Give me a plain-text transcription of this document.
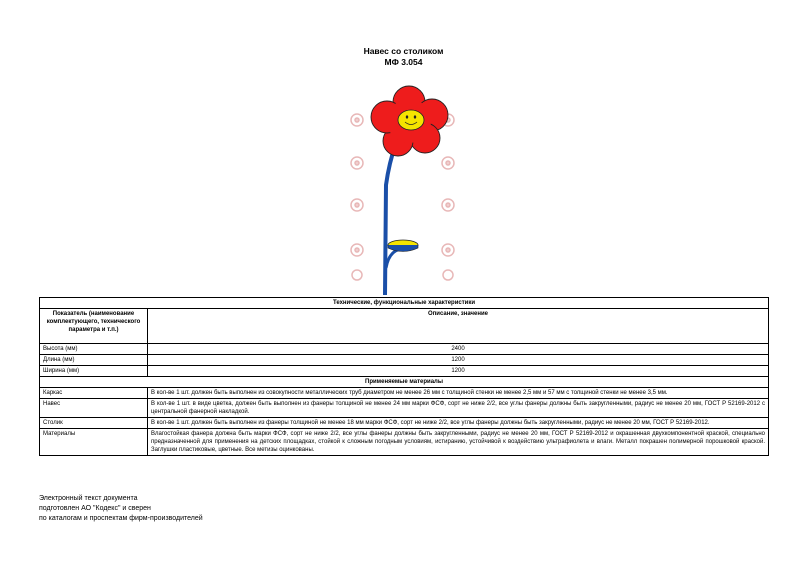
Навес со столиком
МФ 3.054
Технические, функциональные характеристики	
Показатель (наименование комплектующего, технического параметра и т.п.)	Описание, значение
Высота (мм)	2400
Длина (мм)	1200
Ширина (мм)	1200
Применяемые материалы	
Каркас	В кол-ве 1 шт. должен быть выполнен из совокупности металлических труб диаметром не менее 26 мм с толщиной стенки не менее 2,5 мм и 57 мм с толщиной стенки не менее 3,5 мм.
Навес	В кол-ве 1 шт. в виде цветка, должен быть выполнен из фанеры толщиной не менее 24 мм марки ФСФ, сорт не ниже 2/2, все углы фанеры должны быть закругленными, радиус не менее 20 мм, ГОСТ Р 52169-2012 с центральной фанерной накладкой.
Столик	В кол-ве 1 шт. должен быть выполнен из фанеры толщиной не менее 18 мм марки ФСФ, сорт не ниже 2/2, все углы фанеры должны быть закругленными, радиус не менее 20 мм, ГОСТ Р 52169-2012.
Материалы	Влагостойкая фанера должна быть марки ФСФ, сорт не ниже 2/2, все углы фанеры должны быть закругленными, радиус не менее 20 мм, ГОСТ Р 52169-2012 и окрашенная двухкомпонентной краской, специально предназначенной для применения на детских площадках, стойкой к сложным погодным условиям, истиранию, устойчивой к воздействию ультрафиолета и влаги. Металл покрашен полимерной порошковой краской. Заглушки пластиковые, цветные. Все метизы оцинкованы.
Электронный текст документа
подготовлен АО "Кодекс" и сверен
по каталогам и проспектам фирм-производителей
